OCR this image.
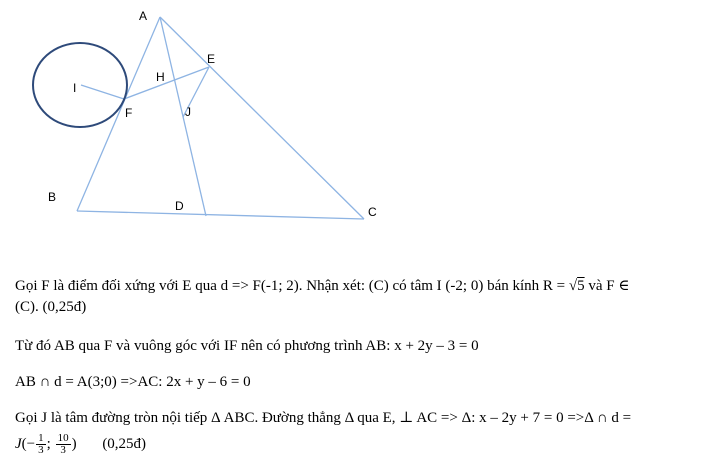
A
E
H
I
F	J
B
D	C
Gọi F là điểm đối xứng với E qua d => F(-1; 2). Nhận xét: (C) có tâm I (-2; 0) bán kính R = √5 và F ∈
(C). (0,25đ)
Từ đó AB qua F và vuông góc với IF nên có phương trình AB: x + 2y – 3 = 0
AB ∩ d = A(3;0) =>AC: 2x + y – 6 = 0
Gọi J là tâm đường tròn nội tiếp Δ ABC. Đường thẳng Δ qua E, ⊥ AC => Δ: x – 2y + 7 = 0 =>Δ ∩ d =
$J(- \frac{1}{3}$ ; $\frac{10}{3}$ ) (0,25đ)
